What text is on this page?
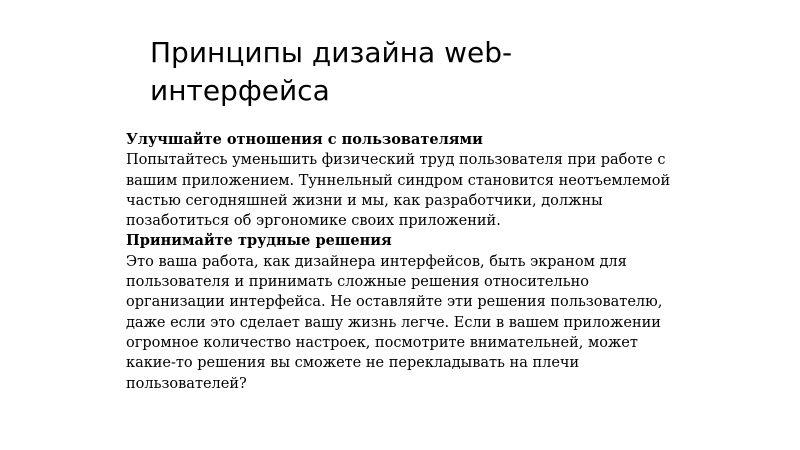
Принципы дизайна web-интерфейса

Улучшайте отношения с пользователями

Попытайтесь уменьшить физический труд пользователя при работе с вашим приложением. Туннельный синдром становится неотъемлемой частью сегодняшней жизни и мы, как разработчики, должны позаботиться об эргономике своих приложений.

Принимайте трудные решения

Это ваша работа, как дизайнера интерфейсов, быть экраном для пользователя и принимать сложные решения относительно организации интерфейса. Не оставляйте эти решения пользователю, даже если это сделает вашу жизнь легче. Если в вашем приложении огромное количество настроек, посмотрите внимательней, может какие-то решения вы сможете не перекладывать на плечи пользователей?
